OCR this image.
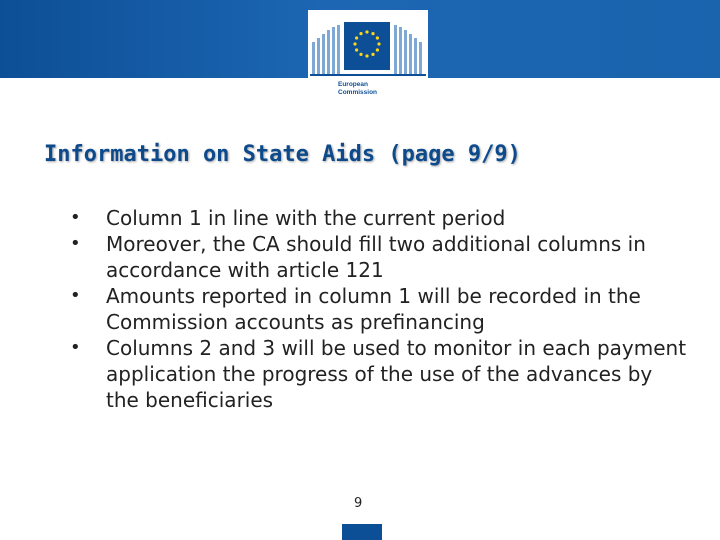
European
Commission
Information on State Aids (page 9/9)
• Column 1 in line with the current period
• Moreover, the CA should fill two additional columns in accordance with article 121
• Amounts reported in column 1 will be recorded in the Commission accounts as prefinancing
• Columns 2 and 3 will be used to monitor in each payment application the progress of the use of the advances by the beneficiaries
9
